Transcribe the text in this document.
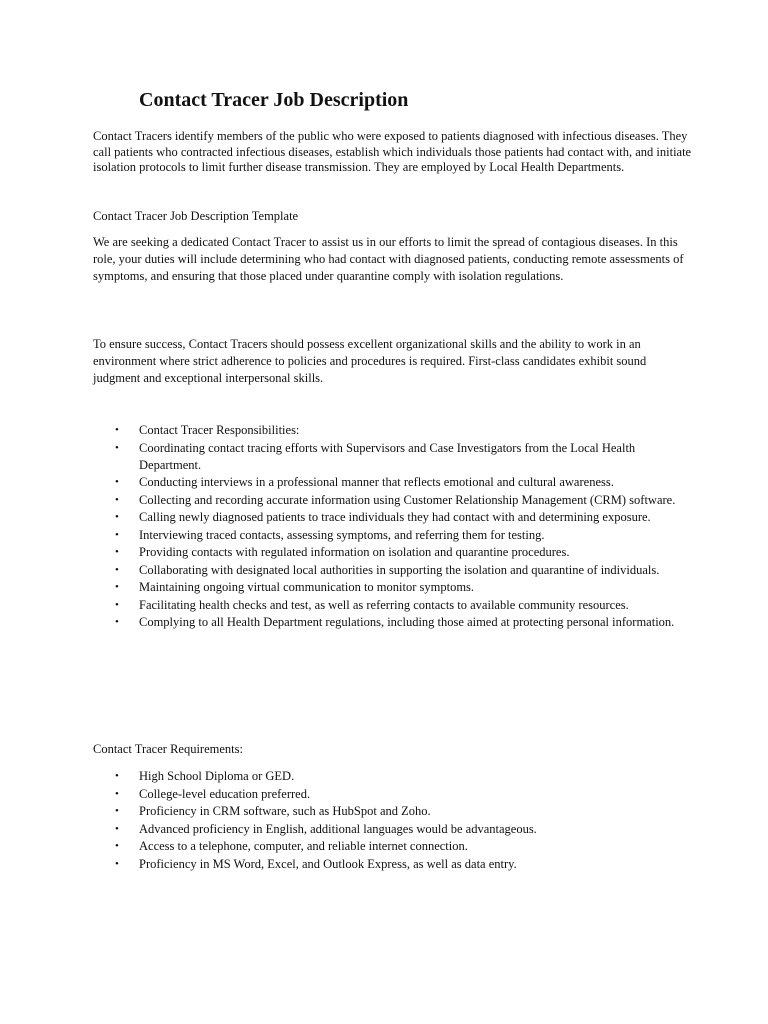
Contact Tracer Job Description

Contact Tracers identify members of the public who were exposed to patients diagnosed with infectious diseases. They call patients who contracted infectious diseases, establish which individuals those patients had contact with, and initiate isolation protocols to limit further disease transmission. They are employed by Local Health Departments.

Contact Tracer Job Description Template

We are seeking a dedicated Contact Tracer to assist us in our efforts to limit the spread of contagious diseases. In this role, your duties will include determining who had contact with diagnosed patients, conducting remote assessments of symptoms, and ensuring that those placed under quarantine comply with isolation regulations.

To ensure success, Contact Tracers should possess excellent organizational skills and the ability to work in an environment where strict adherence to policies and procedures is required. First-class candidates exhibit sound judgment and exceptional interpersonal skills.

• Contact Tracer Responsibilities:
• Coordinating contact tracing efforts with Supervisors and Case Investigators from the Local Health Department.
• Conducting interviews in a professional manner that reflects emotional and cultural awareness.
• Collecting and recording accurate information using Customer Relationship Management (CRM) software.
• Calling newly diagnosed patients to trace individuals they had contact with and determining exposure.
• Interviewing traced contacts, assessing symptoms, and referring them for testing.
• Providing contacts with regulated information on isolation and quarantine procedures.
• Collaborating with designated local authorities in supporting the isolation and quarantine of individuals.
• Maintaining ongoing virtual communication to monitor symptoms.
• Facilitating health checks and test, as well as referring contacts to available community resources.
• Complying to all Health Department regulations, including those aimed at protecting personal information.

Contact Tracer Requirements:

• High School Diploma or GED.
• College-level education preferred.
• Proficiency in CRM software, such as HubSpot and Zoho.
• Advanced proficiency in English, additional languages would be advantageous.
• Access to a telephone, computer, and reliable internet connection.
• Proficiency in MS Word, Excel, and Outlook Express, as well as data entry.
